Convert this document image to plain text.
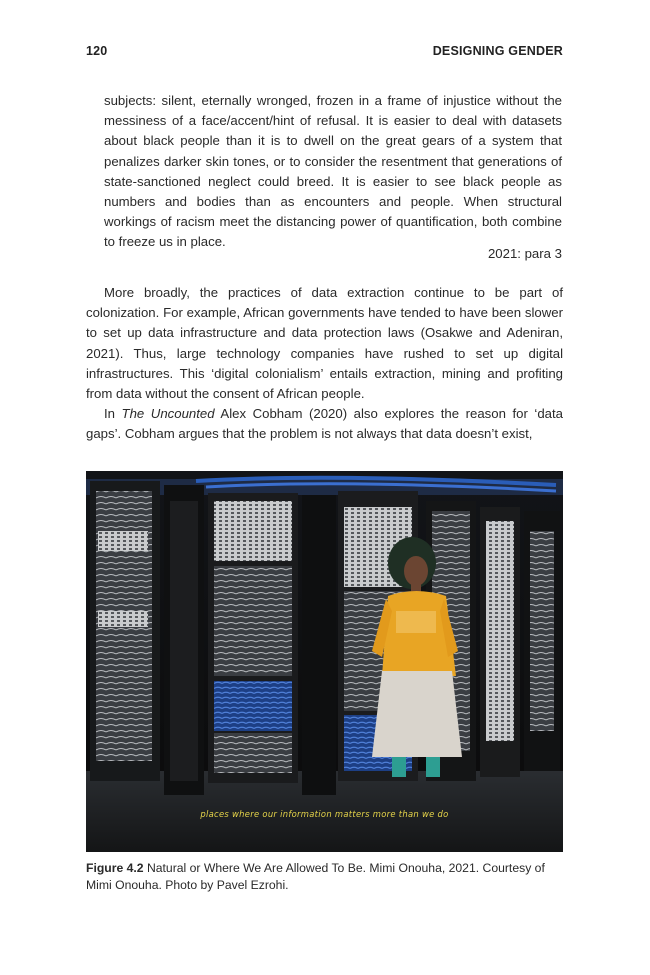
120	DESIGNING GENDER
subjects: silent, eternally wronged, frozen in a frame of injustice without the messiness of a face/accent/hint of refusal. It is easier to deal with datasets about black people than it is to dwell on the great gears of a system that penalizes darker skin tones, or to consider the resentment that generations of state-sanctioned neglect could breed. It is easier to see black people as numbers and bodies than as encounters and people. When structural workings of racism meet the distancing power of quantification, both combine to freeze us in place.
2021: para 3

More broadly, the practices of data extraction continue to be part of colonization. For example, African governments have tended to have been slower to set up data infrastructure and data protection laws (Osakwe and Adeniran, 2021). Thus, large technology companies have rushed to set up digital infrastructures. This ‘digital colonialism’ entails extraction, mining and profiting from data without the consent of African people.

In The Uncounted Alex Cobham (2020) also explores the reason for ‘data gaps’. Cobham argues that the problem is not always that data doesn’t exist,

places where our information matters more than we do
Figure 4.2 Natural or Where We Are Allowed To Be. Mimi Onouha, 2021. Courtesy of Mimi Onouha. Photo by Pavel Ezrohi.
